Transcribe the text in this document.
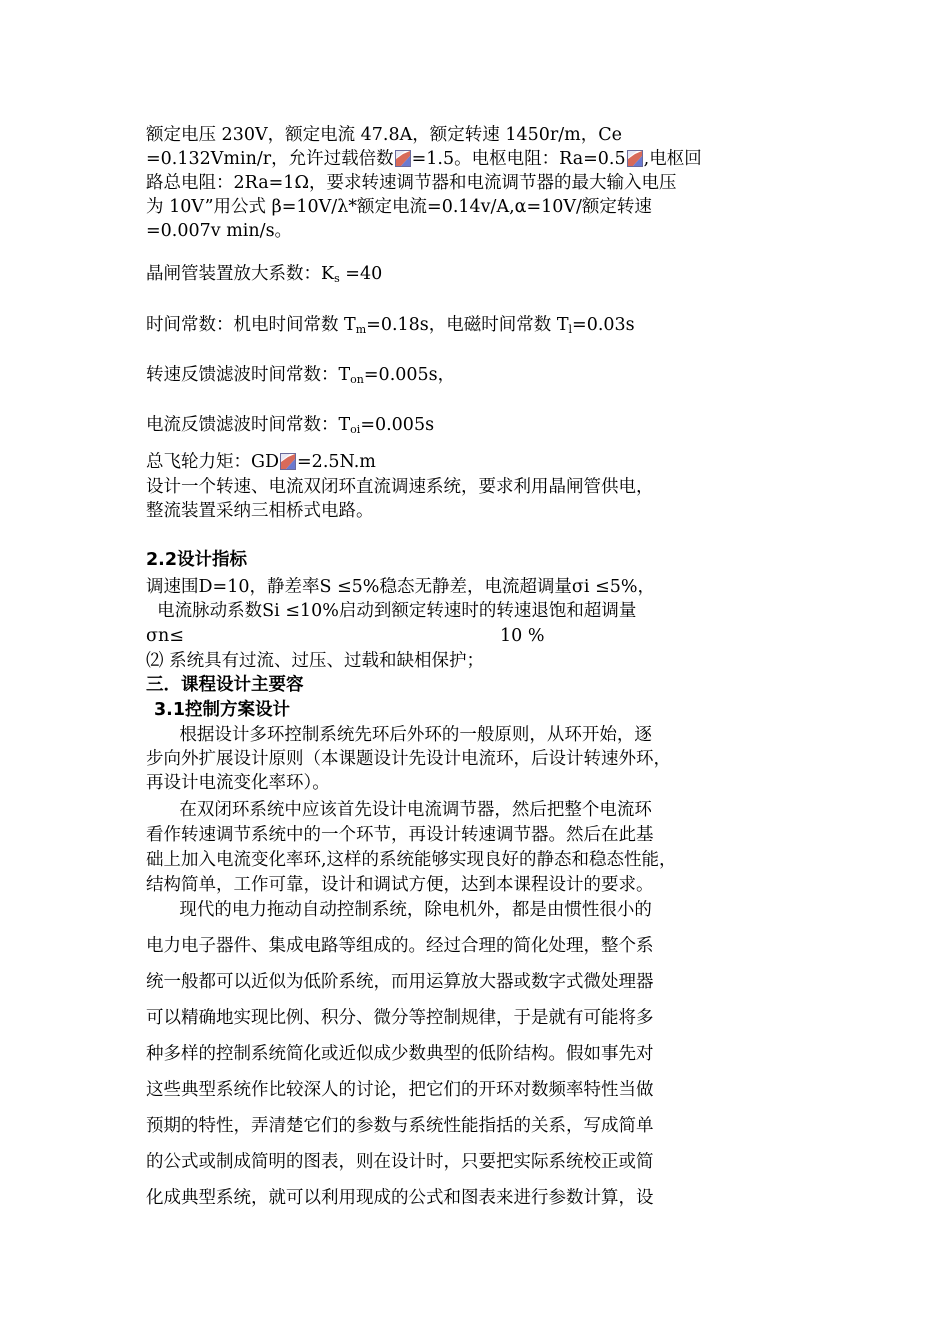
额定电压 230V，额定电流 47.8A，额定转速 1450r/m，Ce
=0.132Vmin/r，允许过载倍数 =1.5。电枢电阻：Ra=0.5 ,电枢回
路总电阻：2Ra=1Ω，要求转速调节器和电流调节器的最大输入电压
为 10V”用公式 β=10V/λ*额定电流=0.14v/A,α=10V/额定转速
=0.007v min/s。
晶闸管装置放大系数：$K_s =40$
时间常数：机电时间常数 $T_m=0.18s$，电磁时间常数 $T_l=0.03s$
转速反馈滤波时间常数：$T_{on}=0.005s$，
电流反馈滤波时间常数：$T_{oi}=0.005s$
总飞轮力矩：GD =2.5N.m
设计一个转速、电流双闭环直流调速系统，要求利用晶闸管供电，
整流装置采纳三相桥式电路。
2.2设计指标
调速围D=10，静差率S ≤5%稳态无静差，电流超调量σi ≤5%，
电流脉动系数Si ≤10%启动到额定转速时的转速退饱和超调量
σn≤	10 %
⑵ 系统具有过流、过压、过载和缺相保护；
三．课程设计主要容
3.1控制方案设计
根据设计多环控制系统先环后外环的一般原则，从环开始，逐
步向外扩展设计原则（本课题设计先设计电流环，后设计转速外环，
再设计电流变化率环）。
在双闭环系统中应该首先设计电流调节器，然后把整个电流环
看作转速调节系统中的一个环节，再设计转速调节器。然后在此基
础上加入电流变化率环,这样的系统能够实现良好的静态和稳态性能，
结构简单，工作可靠，设计和调试方便，达到本课程设计的要求。
现代的电力拖动自动控制系统，除电机外，都是由惯性很小的
电力电子器件、集成电路等组成的。经过合理的简化处理，整个系
统一般都可以近似为低阶系统，而用运算放大器或数字式微处理器
可以精确地实现比例、积分、微分等控制规律，于是就有可能将多
种多样的控制系统简化或近似成少数典型的低阶结构。假如事先对
这些典型系统作比较深人的讨论，把它们的开环对数频率特性当做
预期的特性，弄清楚它们的参数与系统性能指括的关系，写成简单
的公式或制成简明的图表，则在设计时，只要把实际系统校正或简
化成典型系统，就可以利用现成的公式和图表来进行参数计算，设
